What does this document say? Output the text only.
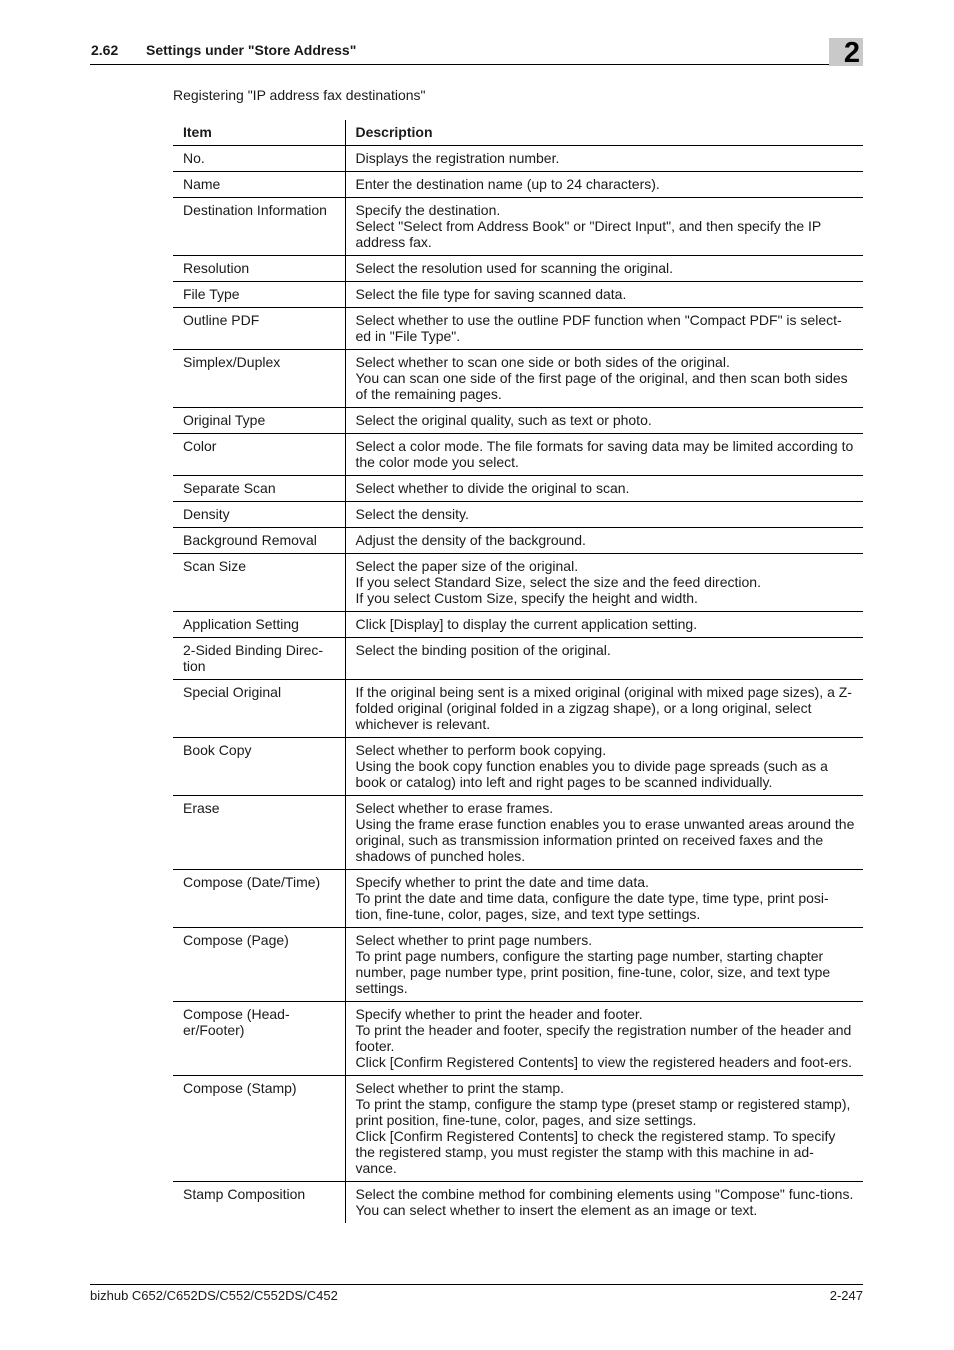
2.62 Settings under "Store Address"	2
Registering "IP address fax destinations"
Item	Description
No.	Displays the registration number.

Name	Enter the destination name (up to 24 characters).

Destination Information	Specify the destination.
Select "Select from Address Book" or "Direct Input", and then specify the IP address fax.

Resolution	Select the resolution used for scanning the original.

File Type	Select the file type for saving scanned data.

Outline PDF	Select whether to use the outline PDF function when "Compact PDF" is select-ed in "File Type".

Simplex/Duplex	Select whether to scan one side or both sides of the original.
You can scan one side of the first page of the original, and then scan both sides of the remaining pages.

Original Type	Select the original quality, such as text or photo.

Color	Select a color mode. The file formats for saving data may be limited according to the color mode you select.

Separate Scan	Select whether to divide the original to scan.

Density	Select the density.

Background Removal	Adjust the density of the background.

Scan Size	Select the paper size of the original.
If you select Standard Size, select the size and the feed direction.
If you select Custom Size, specify the height and width.

Application Setting	Click [Display] to display the current application setting.

2-Sided Binding Direc-tion	Select the binding position of the original.

Special Original	If the original being sent is a mixed original (original with mixed page sizes), a Z-folded original (original folded in a zigzag shape), or a long original, select whichever is relevant.

Book Copy	Select whether to perform book copying.
Using the book copy function enables you to divide page spreads (such as a book or catalog) into left and right pages to be scanned individually.

Erase	Select whether to erase frames.
Using the frame erase function enables you to erase unwanted areas around the original, such as transmission information printed on received faxes and the shadows of punched holes.

Compose (Date/Time)	Specify whether to print the date and time data.
To print the date and time data, configure the date type, time type, print posi-tion, fine-tune, color, pages, size, and text type settings.

Compose (Page)	Select whether to print page numbers.
To print page numbers, configure the starting page number, starting chapter number, page number type, print position, fine-tune, color, size, and text type settings.

Compose (Head-er/Footer)	Specify whether to print the header and footer.
To print the header and footer, specify the registration number of the header and footer.
Click [Confirm Registered Contents] to view the registered headers and foot-ers.

Compose (Stamp)	Select whether to print the stamp.
To print the stamp, configure the stamp type (preset stamp or registered stamp), print position, fine-tune, color, pages, and size settings.
Click [Confirm Registered Contents] to check the registered stamp. To specify the registered stamp, you must register the stamp with this machine in ad-vance.

Stamp Composition	Select the combine method for combining elements using "Compose" func-tions.
You can select whether to insert the element as an image or text.
bizhub C652/C652DS/C552/C552DS/C452	2-247
